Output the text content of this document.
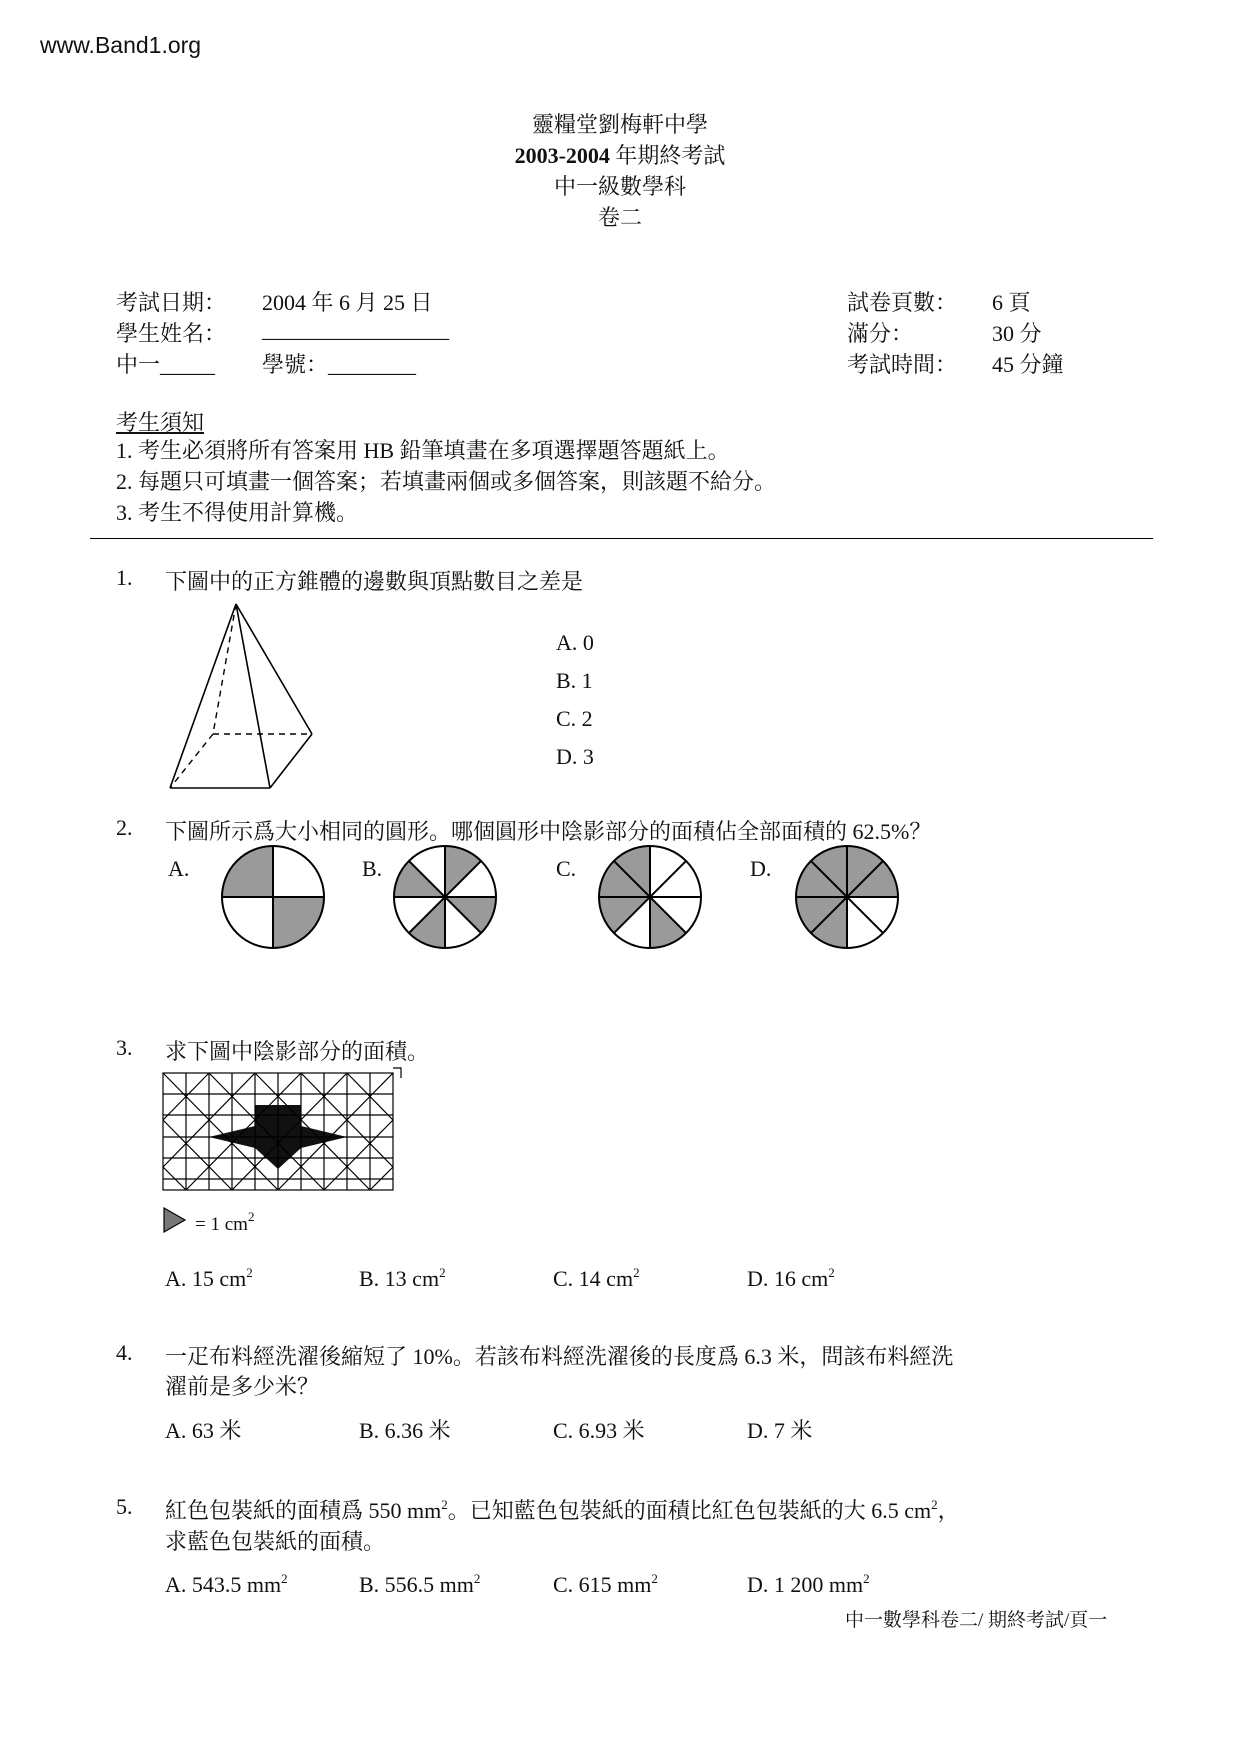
www.Band1.org
靈糧堂劉梅軒中學
2003-2004 年期終考試
中一級數學科
卷二
考試日期： 2004 年 6 月 25 日
學生姓名： _________________
中一_____ 學號：________
試卷頁數： 6 頁
滿分：	30 分
考試時間： 45 分鐘
考生須知
1. 考生必須將所有答案用 HB 鉛筆填畫在多項選擇題答題紙上。
2. 每題只可填畫一個答案；若填畫兩個或多個答案，則該題不給分。
3. 考生不得使用計算機。
1. 下圖中的正方錐體的邊數與頂點數目之差是
A. 0
B. 1
C. 2
D. 3
2. 下圖所示爲大小相同的圓形。哪個圓形中陰影部分的面積佔全部面積的 62.5%？
A.	B.	C.	D.
3. 求下圖中陰影部分的面積。
= 1 $cm^2$
A. 15 $cm^2$	B. 13 $cm^2$	C. 14 $cm^2$	D. 16 $cm^2$
4. 一疋布料經洗濯後縮短了 10%。若該布料經洗濯後的長度爲 6.3 米，問該布料經洗
濯前是多少米？
A. 63 米	B. 6.36 米	C. 6.93 米	D. 7 米
5. 紅色包裝紙的面積爲 550 $mm^2$。已知藍色包裝紙的面積比紅色包裝紙的大 6.5 $cm^2$，
求藍色包裝紙的面積。
A. 543.5 $mm^2$	B. 556.5 $mm^2$	C. 615 $mm^2$	D. 1 200 $mm^2$
中一數學科卷二/ 期終考試/頁一
